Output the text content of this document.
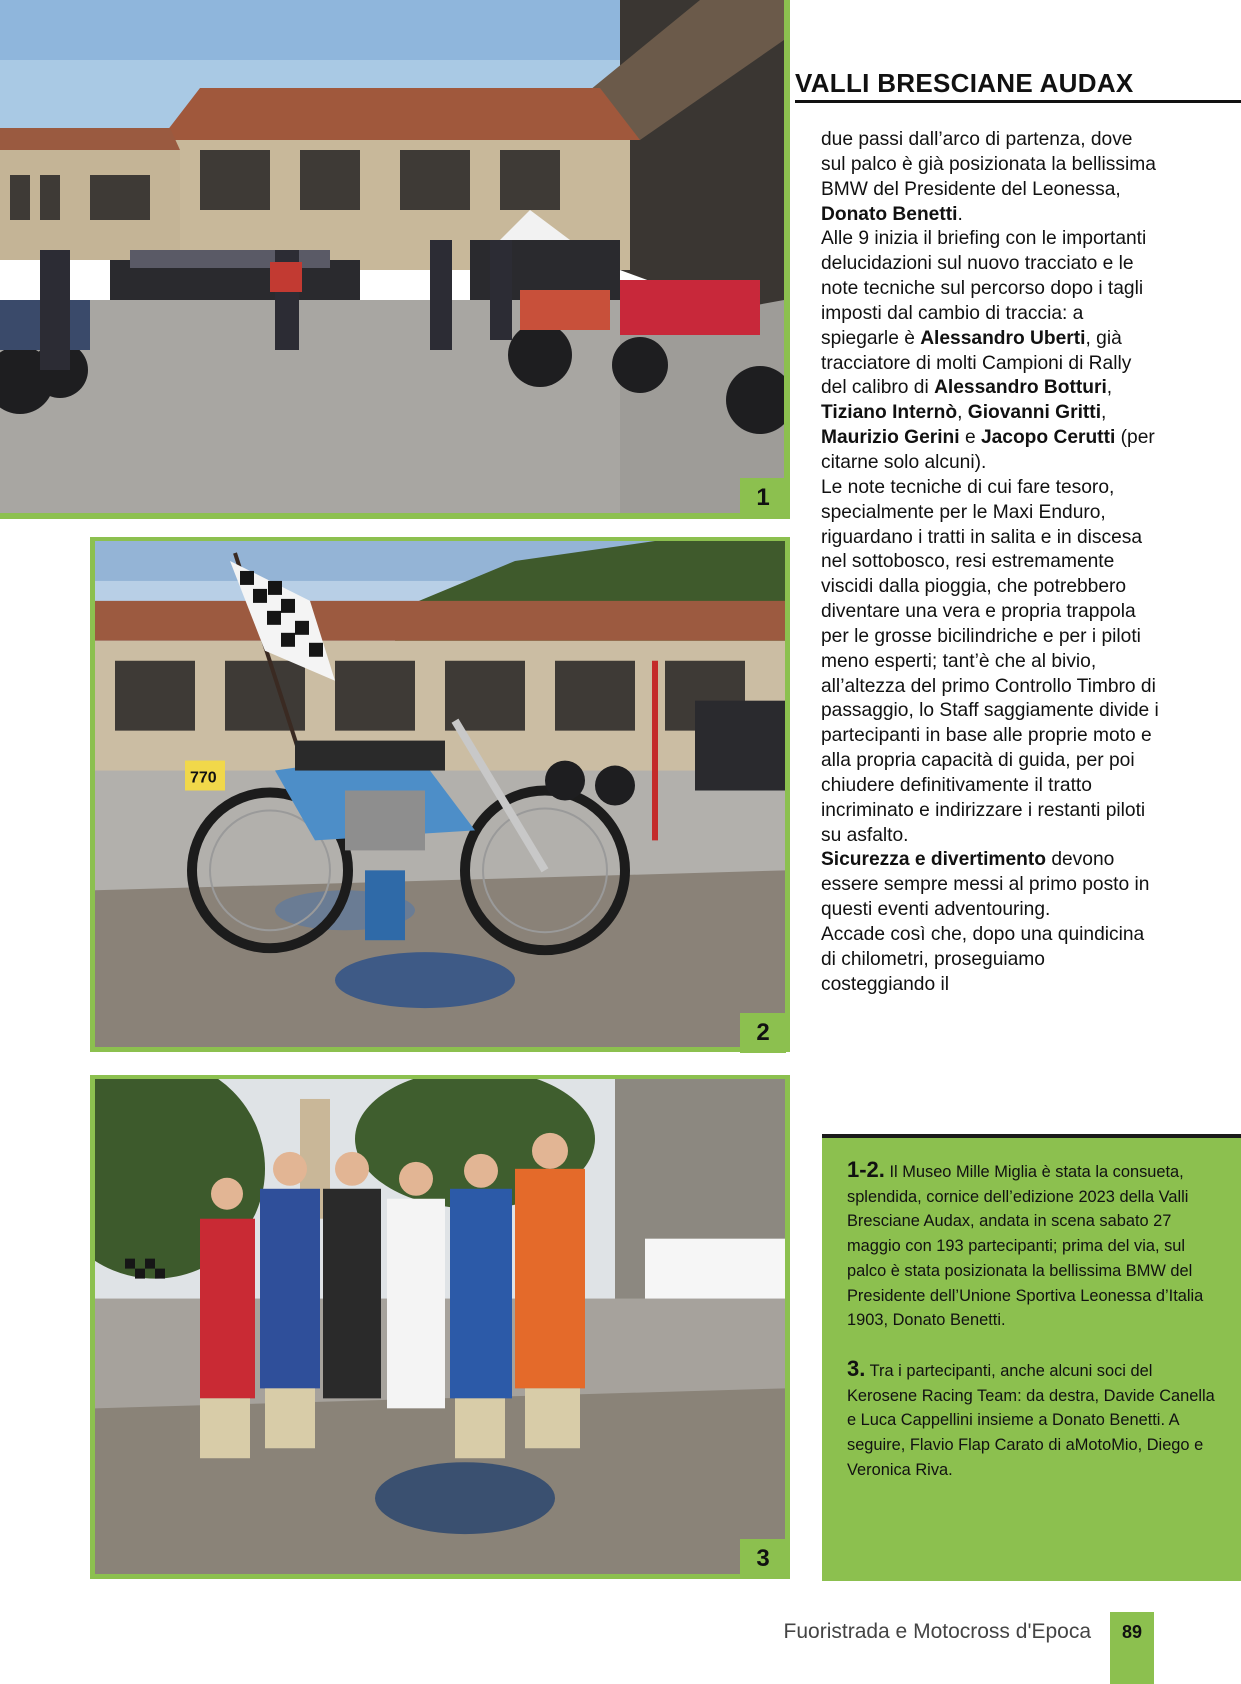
1
770
2
3
VALLI BRESCIANE AUDAX

due passi dall’arco di partenza, dove sul palco è già posizionata la bellissima BMW del Presidente del Leonessa, Donato Benetti.

Alle 9 inizia il briefing con le importanti delucidazioni sul nuovo tracciato e le note tecniche sul percorso dopo i tagli imposti dal cambio di traccia: a spiegarle è Alessandro Uberti, già tracciatore di molti Campioni di Rally del calibro di Alessandro Botturi, Tiziano Internò, Giovanni Gritti, Maurizio Gerini e Jacopo Cerutti (per citarne solo alcuni).

Le note tecniche di cui fare tesoro, specialmente per le Maxi Enduro, riguardano i tratti in salita e in discesa nel sottobosco, resi estremamente viscidi dalla pioggia, che potrebbero diventare una vera e propria trappola per le grosse bicilindriche e per i piloti meno esperti; tant’è che al bivio, all’altezza del primo Controllo Timbro di passaggio, lo Staff saggiamente divide i partecipanti in base alle proprie moto e alla propria capacità di guida, per poi chiudere definitivamente il tratto incriminato e indirizzare i restanti piloti su asfalto.

Sicurezza e divertimento devono essere sempre messi al primo posto in questi eventi adventouring.

Accade così che, dopo una quindicina di chilometri, proseguiamo costeggiando il

1-2. Il Museo Mille Miglia è stata la consueta, splendida, cornice dell’edizione 2023 della Valli Bresciane Audax, andata in scena sabato 27 maggio con 193 partecipanti; prima del via, sul palco è stata posizionata la bellissima BMW del Presidente dell’Unione Sportiva Leonessa d’Italia 1903, Donato Benetti.

3. Tra i partecipanti, anche alcuni soci del Kerosene Racing Team: da destra, Davide Canella e Luca Cappellini insieme a Donato Benetti. A seguire, Flavio Flap Carato di aMotoMio, Diego e Veronica Riva.

Fuoristrada e Motocross d'Epoca	89
